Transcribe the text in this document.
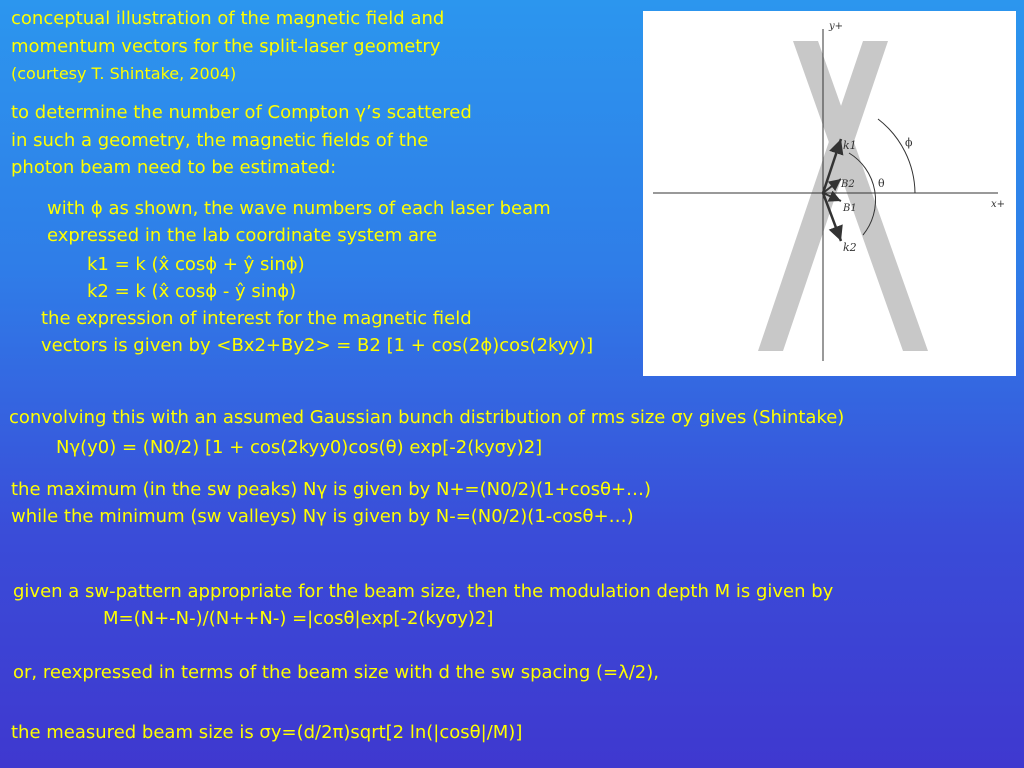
conceptual illustration of the magnetic field and
momentum vectors for the split-laser geometry
(courtesy T. Shintake, 2004)
to determine the number of Compton γ’s scattered
in such a geometry, the magnetic fields of the
photon beam need to be estimated:
with ϕ as shown, the wave numbers of each laser beam
expressed in the lab coordinate system are
k1 = k (x̂ cosϕ + ŷ sinϕ)
k2 = k (x̂ cosϕ - ŷ sinϕ)
the expression of interest for the magnetic field
vectors is given by <Bx2+By2> = B2 [1 + cos(2ϕ)cos(2kyy)]
convolving this with an assumed Gaussian bunch distribution of rms size σy gives (Shintake)
Nγ(y0) = (N0/2) [1 + cos(2kyy0)cos(θ) exp[-2(kyσy)2]
the maximum (in the sw peaks) Nγ is given by N+=(N0/2)(1+cosθ+…)
while the minimum (sw valleys) Nγ is given by N-=(N0/2)(1-cosθ+…)
given a sw-pattern appropriate for the beam size, then the modulation depth M is given by
M=(N+-N-)/(N++N-) =|cosθ|exp[-2(kyσy)2]
or, reexpressed in terms of the beam size with d the sw spacing (=λ/2),
the measured beam size is σy=(d/2π)sqrt[2 ln(|cosθ|/M)]
y+
x+
ϕ
θ
k1
k2
B2
B1
